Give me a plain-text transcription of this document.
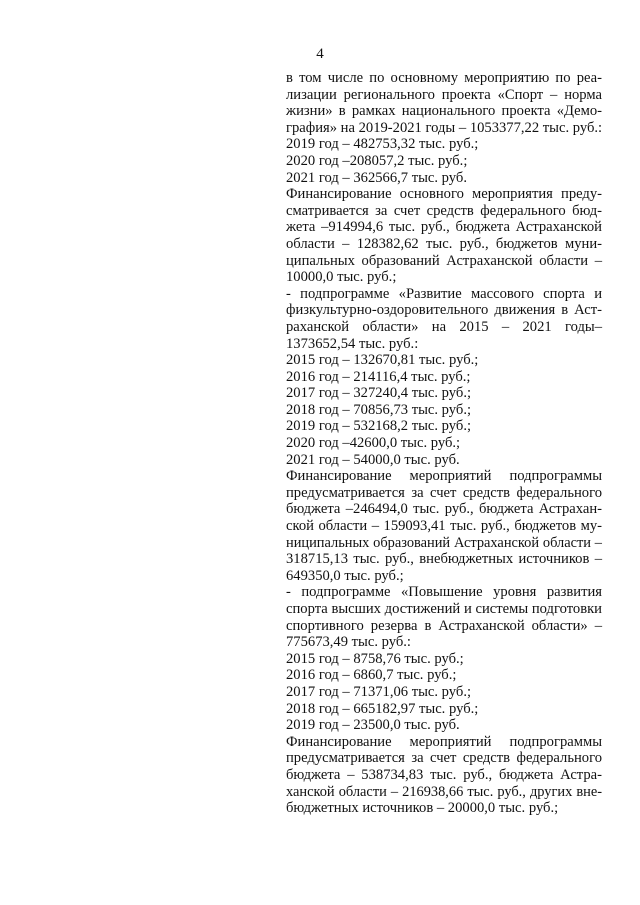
4
в том числе по основному мероприятию по реа-
лизации регионального проекта «Спорт – норма
жизни» в рамках национального проекта «Демо-
графия» на 2019-2021 годы – 1053377,22 тыс. руб.:
2019 год – 482753,32 тыс. руб.;
2020 год –208057,2 тыс. руб.;
2021 год – 362566,7 тыс. руб.
Финансирование основного мероприятия преду-
сматривается за счет средств федерального бюд-
жета –914994,6 тыс. руб., бюджета Астраханской
области – 128382,62 тыс. руб., бюджетов муни-
ципальных образований Астраханской области –
10000,0 тыс. руб.;
- подпрограмме «Развитие массового спорта и
физкультурно-оздоровительного движения в Аст-
раханской области» на 2015 – 2021 годы–
1373652,54 тыс. руб.:
2015 год – 132670,81 тыс. руб.;
2016 год – 214116,4 тыс. руб.;
2017 год – 327240,4 тыс. руб.;
2018 год – 70856,73 тыс. руб.;
2019 год – 532168,2 тыс. руб.;
2020 год –42600,0 тыс. руб.;
2021 год – 54000,0 тыс. руб.
Финансирование мероприятий подпрограммы
предусматривается за счет средств федерального
бюджета –246494,0 тыс. руб., бюджета Астрахан-
ской области – 159093,41 тыс. руб., бюджетов му-
ниципальных образований Астраханской области –
318715,13 тыс. руб., внебюджетных источников –
649350,0 тыс. руб.;
- подпрограмме «Повышение уровня развития
спорта высших достижений и системы подготовки
спортивного резерва в Астраханской области» –
775673,49 тыс. руб.:
2015 год – 8758,76 тыс. руб.;
2016 год – 6860,7 тыс. руб.;
2017 год – 71371,06 тыс. руб.;
2018 год – 665182,97 тыс. руб.;
2019 год – 23500,0 тыс. руб.
Финансирование мероприятий подпрограммы
предусматривается за счет средств федерального
бюджета – 538734,83 тыс. руб., бюджета Астра-
ханской области – 216938,66 тыс. руб., других вне-
бюджетных источников – 20000,0 тыс. руб.;
